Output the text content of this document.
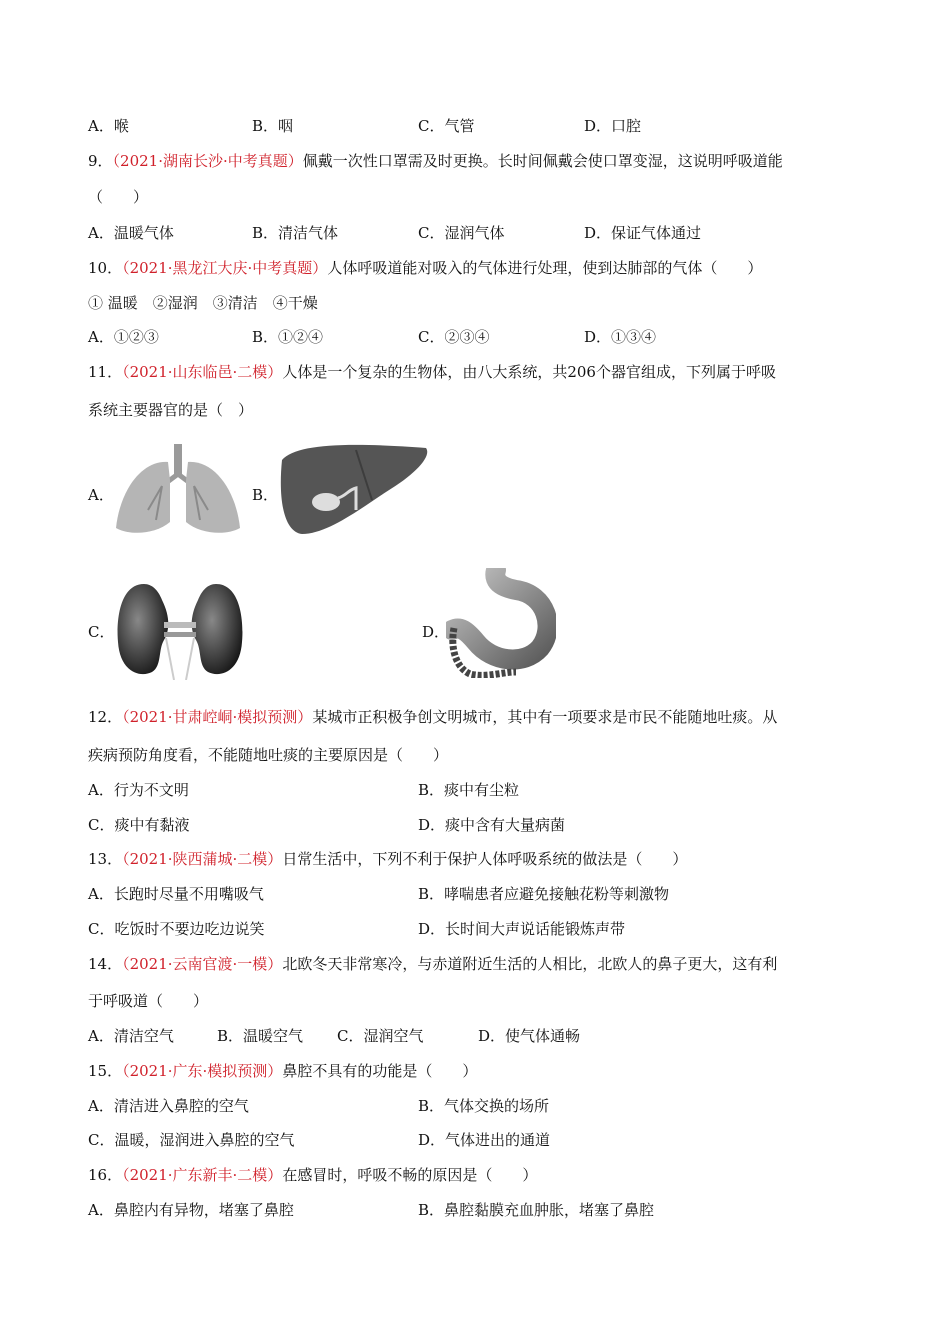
A．喉	B．咽	C．气管	D．口腔
9．（2021·湖南长沙·中考真题）佩戴一次性口罩需及时更换。长时间佩戴会使口罩变湿，这说明呼吸道能
（　　）
A．温暖气体	B．清洁气体	C．湿润气体	D．保证气体通过
10．（2021·黑龙江大庆·中考真题）人体呼吸道能对吸入的气体进行处理，使到达肺部的气体（　　）
① 温暖　②湿润　③清洁　④干燥
A．①②③	B．①②④	C．②③④	D．①③④
11．（2021·山东临邑·二模）人体是一个复杂的生物体，由八大系统，共206个器官组成，下列属于呼吸
系统主要器官的是（　）
A．	B．
C．	D．
12．（2021·甘肃崆峒·模拟预测）某城市正积极争创文明城市，其中有一项要求是市民不能随地吐痰。从
疾病预防角度看，不能随地吐痰的主要原因是（　　）
A．行为不文明	B．痰中有尘粒
C．痰中有黏液	D．痰中含有大量病菌
13．（2021·陕西蒲城·二模）日常生活中，下列不利于保护人体呼吸系统的做法是（　　）
A．长跑时尽量不用嘴吸气	B．哮喘患者应避免接触花粉等刺激物
C．吃饭时不要边吃边说笑	D．长时间大声说话能锻炼声带
14．（2021·云南官渡·一模）北欧冬天非常寒冷，与赤道附近生活的人相比，北欧人的鼻子更大，这有利
于呼吸道（　　）
A．清洁空气	B．温暖空气 C．湿润空气	D．使气体通畅
15．（2021·广东·模拟预测）鼻腔不具有的功能是（　　）
A．清洁进入鼻腔的空气	B．气体交换的场所
C．温暖，湿润进入鼻腔的空气	D．气体进出的通道
16．（2021·广东新丰·二模）在感冒时，呼吸不畅的原因是（　　）
A．鼻腔内有异物，堵塞了鼻腔	B．鼻腔黏膜充血肿胀，堵塞了鼻腔
